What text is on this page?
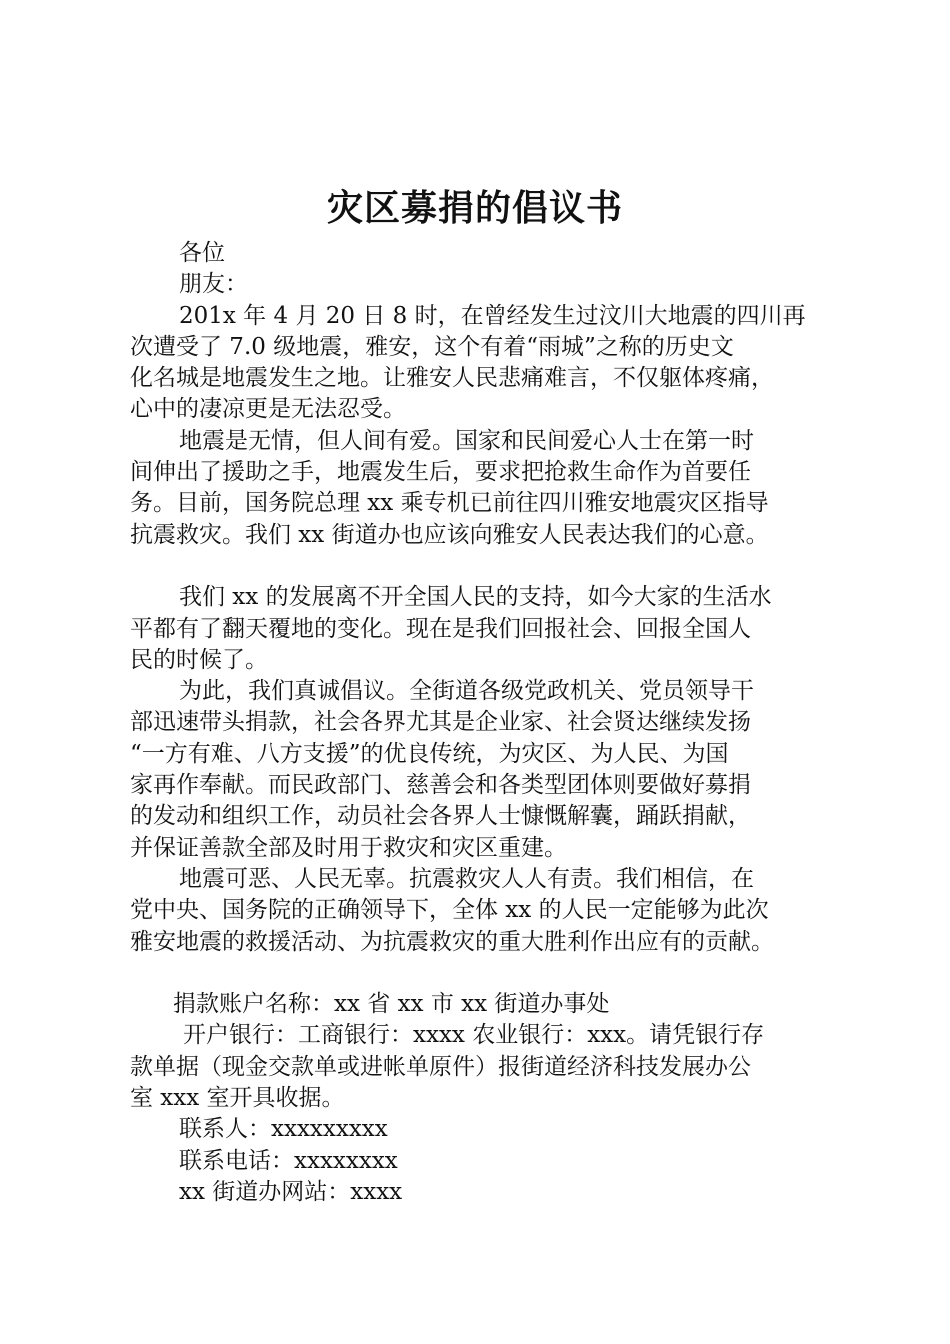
灾区募捐的倡议书
各位
朋友：
201x 年 4 月 20 日 8 时，在曾经发生过汶川大地震的四川再
次遭受了 7.0 级地震，雅安，这个有着“雨城”之称的历史文
化名城是地震发生之地。让雅安人民悲痛难言，不仅躯体疼痛，
心中的凄凉更是无法忍受。
地震是无情，但人间有爱。国家和民间爱心人士在第一时
间伸出了援助之手，地震发生后，要求把抢救生命作为首要任
务。目前，国务院总理 xx 乘专机已前往四川雅安地震灾区指导
抗震救灾。我们 xx 街道办也应该向雅安人民表达我们的心意。
我们 xx 的发展离不开全国人民的支持，如今大家的生活水
平都有了翻天覆地的变化。现在是我们回报社会、回报全国人
民的时候了。
为此，我们真诚倡议。全街道各级党政机关、党员领导干
部迅速带头捐款，社会各界尤其是企业家、社会贤达继续发扬
“一方有难、八方支援”的优良传统，为灾区、为人民、为国
家再作奉献。而民政部门、慈善会和各类型团体则要做好募捐
的发动和组织工作，动员社会各界人士慷慨解囊，踊跃捐献，
并保证善款全部及时用于救灾和灾区重建。
地震可恶、人民无辜。抗震救灾人人有责。我们相信，在
党中央、国务院的正确领导下，全体 xx 的人民一定能够为此次
雅安地震的救援活动、为抗震救灾的重大胜利作出应有的贡献。
捐款账户名称：xx 省 xx 市 xx 街道办事处
开户银行：工商银行：xxxx 农业银行：xxx。请凭银行存
款单据（现金交款单或进帐单原件）报街道经济科技发展办公
室 xxx 室开具收据。
联系人：xxxxxxxxx
联系电话：xxxxxxxx
xx 街道办网站：xxxx
